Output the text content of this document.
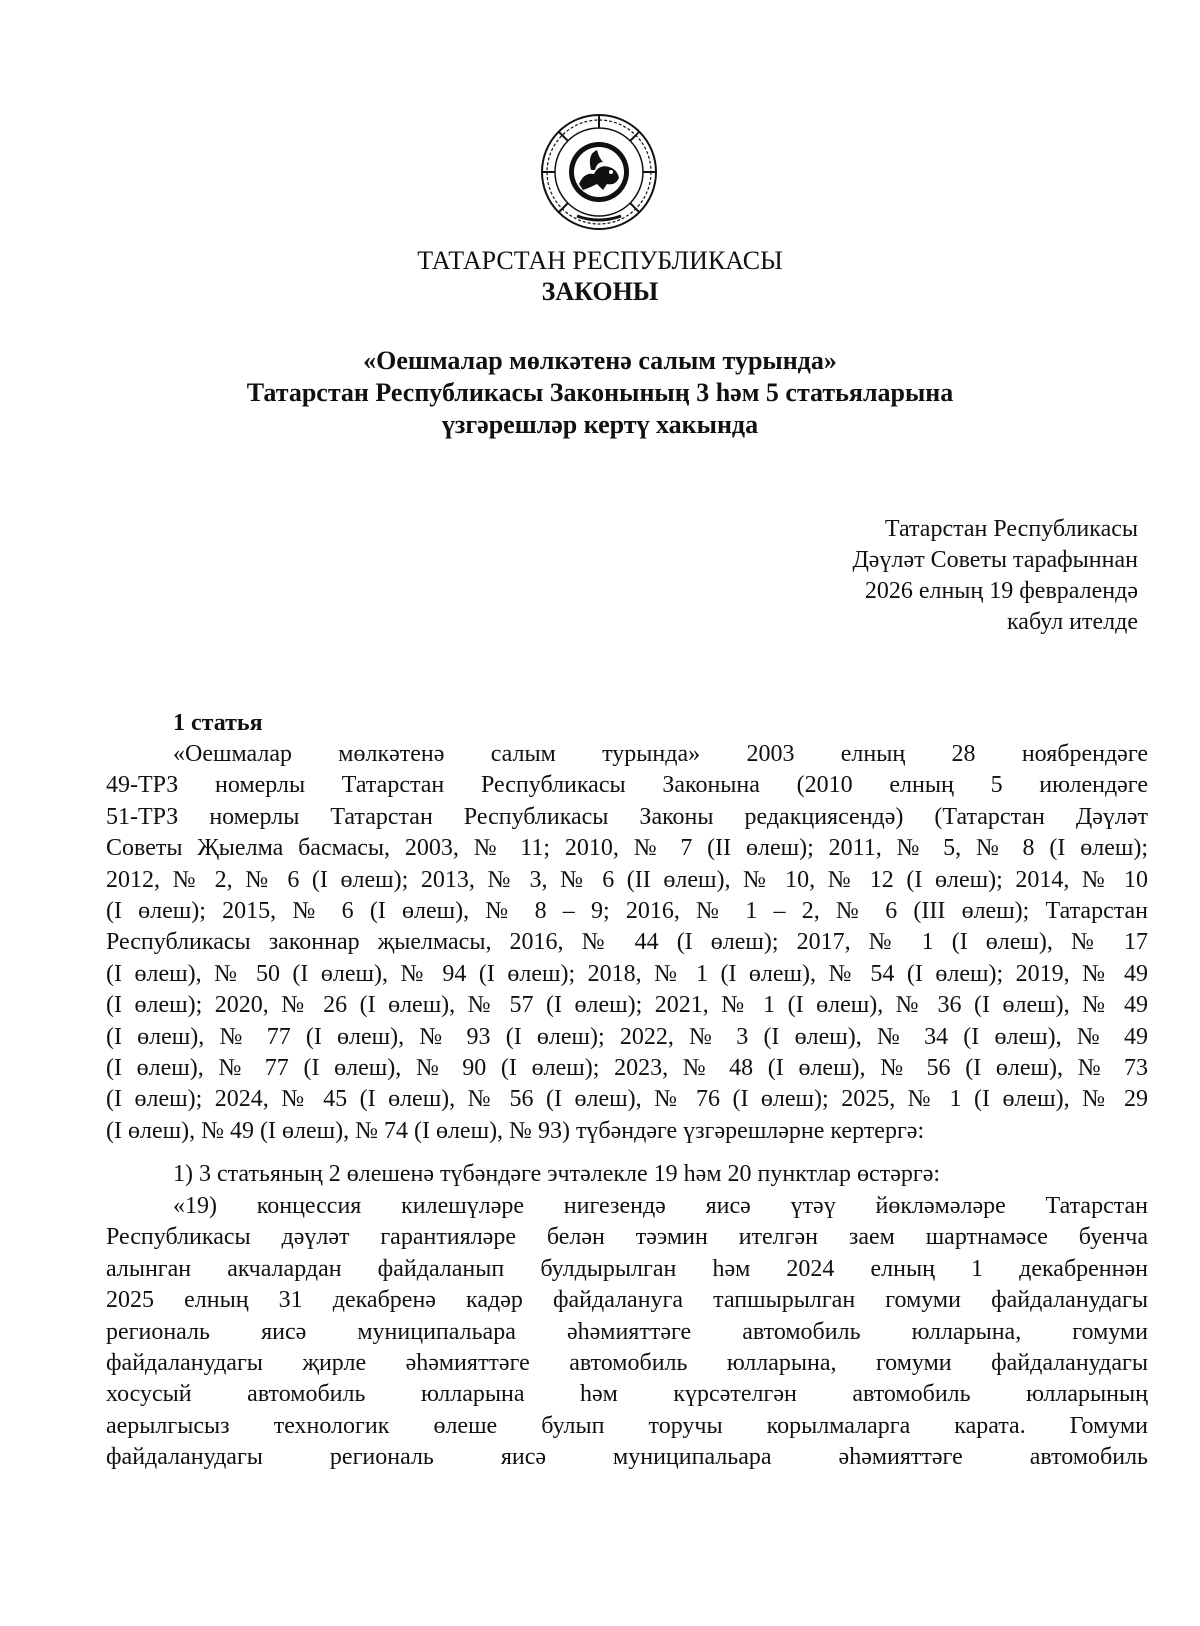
ТАТАРСТАН РЕСПУБЛИКАСЫ
ЗАКОНЫ
«Оешмалар мөлкәтенә салым турында»
Татарстан Республикасы Законының 3 һәм 5 статьяларына
үзгәрешләр кертү хакында
Татарстан Республикасы
Дәүләт Советы тарафыннан
2026 елның 19 февралендә
кабул ителде
1 статья
«Оешмалар мөлкәтенә салым турында» 2003 елның 28 ноябрендәге
49-ТРЗ номерлы Татарстан Республикасы Законына (2010 елның 5 июлендәге
51-ТРЗ номерлы Татарстан Республикасы Законы редакциясендә) (Татарстан Дәүләт
Советы Җыелма басмасы, 2003, № 11; 2010, № 7 (II өлеш); 2011, № 5, № 8 (I өлеш);
2012, № 2, № 6 (I өлеш); 2013, № 3, № 6 (II өлеш), № 10, № 12 (I өлеш); 2014, № 10
(I өлеш); 2015, № 6 (I өлеш), № 8 – 9; 2016, № 1 – 2, № 6 (III өлеш); Татарстан
Республикасы законнар җыелмасы, 2016, № 44 (I өлеш); 2017, № 1 (I өлеш), № 17
(I өлеш), № 50 (I өлеш), № 94 (I өлеш); 2018, № 1 (I өлеш), № 54 (I өлеш); 2019, № 49
(I өлеш); 2020, № 26 (I өлеш), № 57 (I өлеш); 2021, № 1 (I өлеш), № 36 (I өлеш), № 49
(I өлеш), № 77 (I өлеш), № 93 (I өлеш); 2022, № 3 (I өлеш), № 34 (I өлеш), № 49
(I өлеш), № 77 (I өлеш), № 90 (I өлеш); 2023, № 48 (I өлеш), № 56 (I өлеш), № 73
(I өлеш); 2024, № 45 (I өлеш), № 56 (I өлеш), № 76 (I өлеш); 2025, № 1 (I өлеш), № 29
(I өлеш), № 49 (I өлеш), № 74 (I өлеш), № 93) түбәндәге үзгәрешләрне кертергә:
1) 3 статьяның 2 өлешенә түбәндәге эчтәлекле 19 һәм 20 пунктлар өстәргә:
«19) концессия килешүләре нигезендә яисә үтәү йөкләмәләре Татарстан
Республикасы дәүләт гарантияләре белән тәэмин ителгән заем шартнамәсе буенча
алынган акчалардан файдаланып булдырылган һәм 2024 елның 1 декабреннән
2025 елның 31 декабренә кадәр файдалануга тапшырылган гомуми файдаланудагы
региональ яисә муниципальара әһәмияттәге автомобиль юлларына, гомуми
файдаланудагы җирле әһәмияттәге автомобиль юлларына, гомуми файдаланудагы
хосусый автомобиль юлларына һәм күрсәтелгән автомобиль юлларының
аерылгысыз технологик өлеше булып торучы корылмаларга карата. Гомуми
файдаланудагы региональ яисә муниципальара әһәмияттәге автомобиль
